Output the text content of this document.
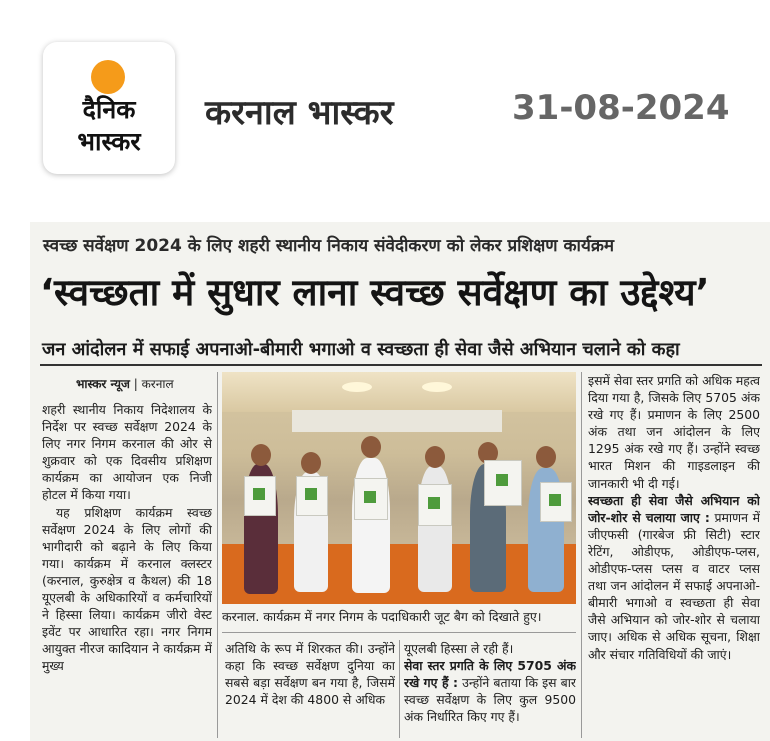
दैनिक
भास्कर
करनाल भास्कर	31-08-2024
स्वच्छ सर्वेक्षण 2024 के लिए शहरी स्थानीय निकाय संवेदीकरण को लेकर प्रशिक्षण कार्यक्रम
‘स्वच्छता में सुधार लाना स्वच्छ सर्वेक्षण का उद्देश्य’
जन आंदोलन में सफाई अपनाओ-बीमारी भगाओ व स्वच्छता ही सेवा जैसे अभियान चलाने को कहा
भास्कर न्यूज | करनाल

शहरी स्थानीय निकाय निदेशालय के निर्देश पर स्वच्छ सर्वेक्षण 2024 के लिए नगर निगम करनाल की ओर से शुक्रवार को एक दिवसीय प्रशिक्षण कार्यक्रम का आयोजन एक निजी होटल में किया गया।

यह प्रशिक्षण कार्यक्रम स्वच्छ सर्वेक्षण 2024 के लिए लोगों की भागीदारी को बढ़ाने के लिए किया गया। कार्यक्रम में करनाल क्लस्टर (करनाल, कुरुक्षेत्र व कैथल) की 18 यूएलबी के अधिकारियों व कर्मचारियों ने हिस्सा लिया। कार्यक्रम जीरो वेस्ट इवेंट पर आधारित रहा। नगर निगम आयुक्त नीरज कादियान ने कार्यक्रम में मुख्य

करनाल. कार्यक्रम में नगर निगम के पदाधिकारी जूट बैग को दिखाते हुए।

अतिथि के रूप में शिरकत की। उन्होंने कहा कि स्वच्छ सर्वेक्षण दुनिया का सबसे बड़ा सर्वेक्षण बन गया है, जिसमें 2024 में देश की 4800 से अधिक

यूएलबी हिस्सा ले रही हैं।

सेवा स्तर प्रगति के लिए 5705 अंक रखे गए हैं : उन्होंने बताया कि इस बार स्वच्छ सर्वेक्षण के लिए कुल 9500 अंक निर्धारित किए गए हैं।

इसमें सेवा स्तर प्रगति को अधिक महत्व दिया गया है, जिसके लिए 5705 अंक रखे गए हैं। प्रमाणन के लिए 2500 अंक तथा जन आंदोलन के लिए 1295 अंक रखे गए हैं। उन्होंने स्वच्छ भारत मिशन की गाइडलाइन की जानकारी भी दी गई।

स्वच्छता ही सेवा जैसे अभियान को जोर-शोर से चलाया जाए : प्रमाणन में जीएफसी (गारबेज फ्री सिटी) स्टार रेटिंग, ओडीएफ, ओडीएफ-प्लस, ओडीएफ-प्लस प्लस व वाटर प्लस तथा जन आंदोलन में सफाई अपनाओ-बीमारी भगाओ व स्वच्छता ही सेवा जैसे अभियान को जोर-शोर से चलाया जाए। अधिक से अधिक सूचना, शिक्षा और संचार गतिविधियों की जाएं।
